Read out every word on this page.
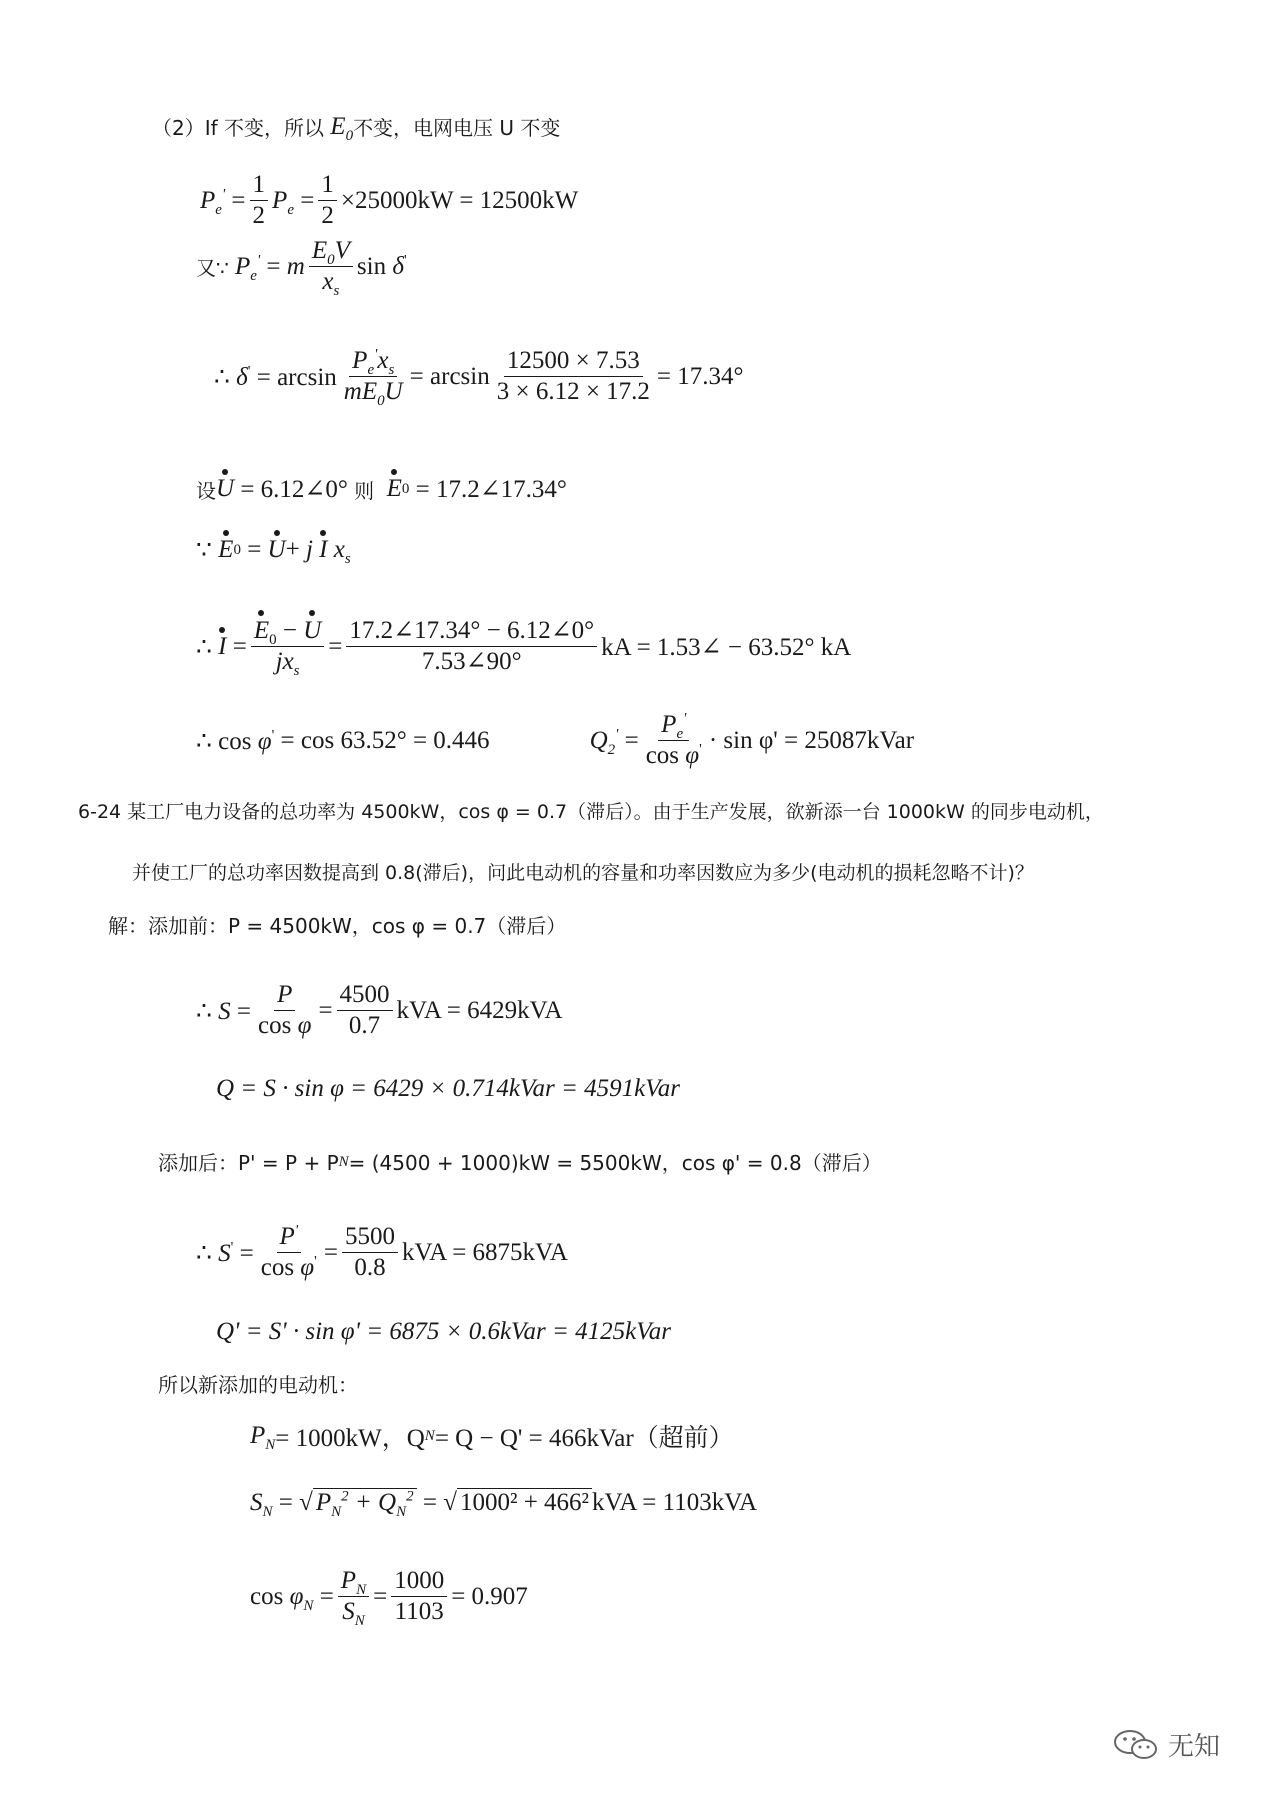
（2）If 不变，所以 $E_0$ 不变，电网电压 U 不变
$P_e' = \frac{1}{2} P_e = \frac{1}{2} \times 25000kW = 12500kW$
又∵
$P_e' = m \frac{E_0V}{x_s}$ sin δ'
∴ $\delta' = \arcsin \frac{P_e'x_s}{mE_0U} = \arcsin \frac{12500 \times 7.53}{3 \times 6.12 \times 17.2} = 17.34^\circ$
设 U
= 6.12∠0°
则
E 0
= 17.2∠17.34°
∵ E 0 = U + j
I
$x_s$
∴ $I = \frac{E_0 - U}{jx_s} = \frac{17.2\angle 17.34^\circ - 6.12\angle 0^\circ}{7.53\angle 90^\circ}$ kA = 1.53∠ − 63.52° kA
∴ cos φ' = cos 63.52° = 0.446	$Q_2' = \frac{P_e'}{\cos \varphi'} \cdot \sin \varphi'$ = 25087kVar
6-24 某工厂电力设备的总功率为 4500kW，cos φ = 0.7（滞后）。由于生产发展，欲新添一台 1000kW 的同步电动机，
并使工厂的总功率因数提高到 0.8(滞后)，问此电动机的容量和功率因数应为多少(电动机的损耗忽略不计)？
解：添加前：P = 4500kW，cos φ = 0.7（滞后）
∴ $S = \frac{P}{\text{cos φ}} = \frac{4500}{0.7}$ kVA = 6429kVA
Q = S · sin φ = 6429 × 0.714kVar = 4591kVar
添加后：P' = P + P N = (4500 + 1000)kW = 5500kW，cos φ' = 0.8（滞后）
∴ $S' = \frac{P'}{\cos \varphi'} = \frac{5500}{0.8}$ kVA = 6875kVA
Q' = S' · sin φ' = 6875 × 0.6kVar = 4125kVar
所以新添加的电动机：
$P_N = 1000kW$，Q N = Q − Q' = 466kVar（超前）
$S_N$ = √ $P_N^2 + Q_N^2$ = √ 1000² + 466² kVA = 1103kVA
$\cos \varphi_N = \frac{P_N}{S_N} = \frac{1000}{1103} = 0.907$
无知
